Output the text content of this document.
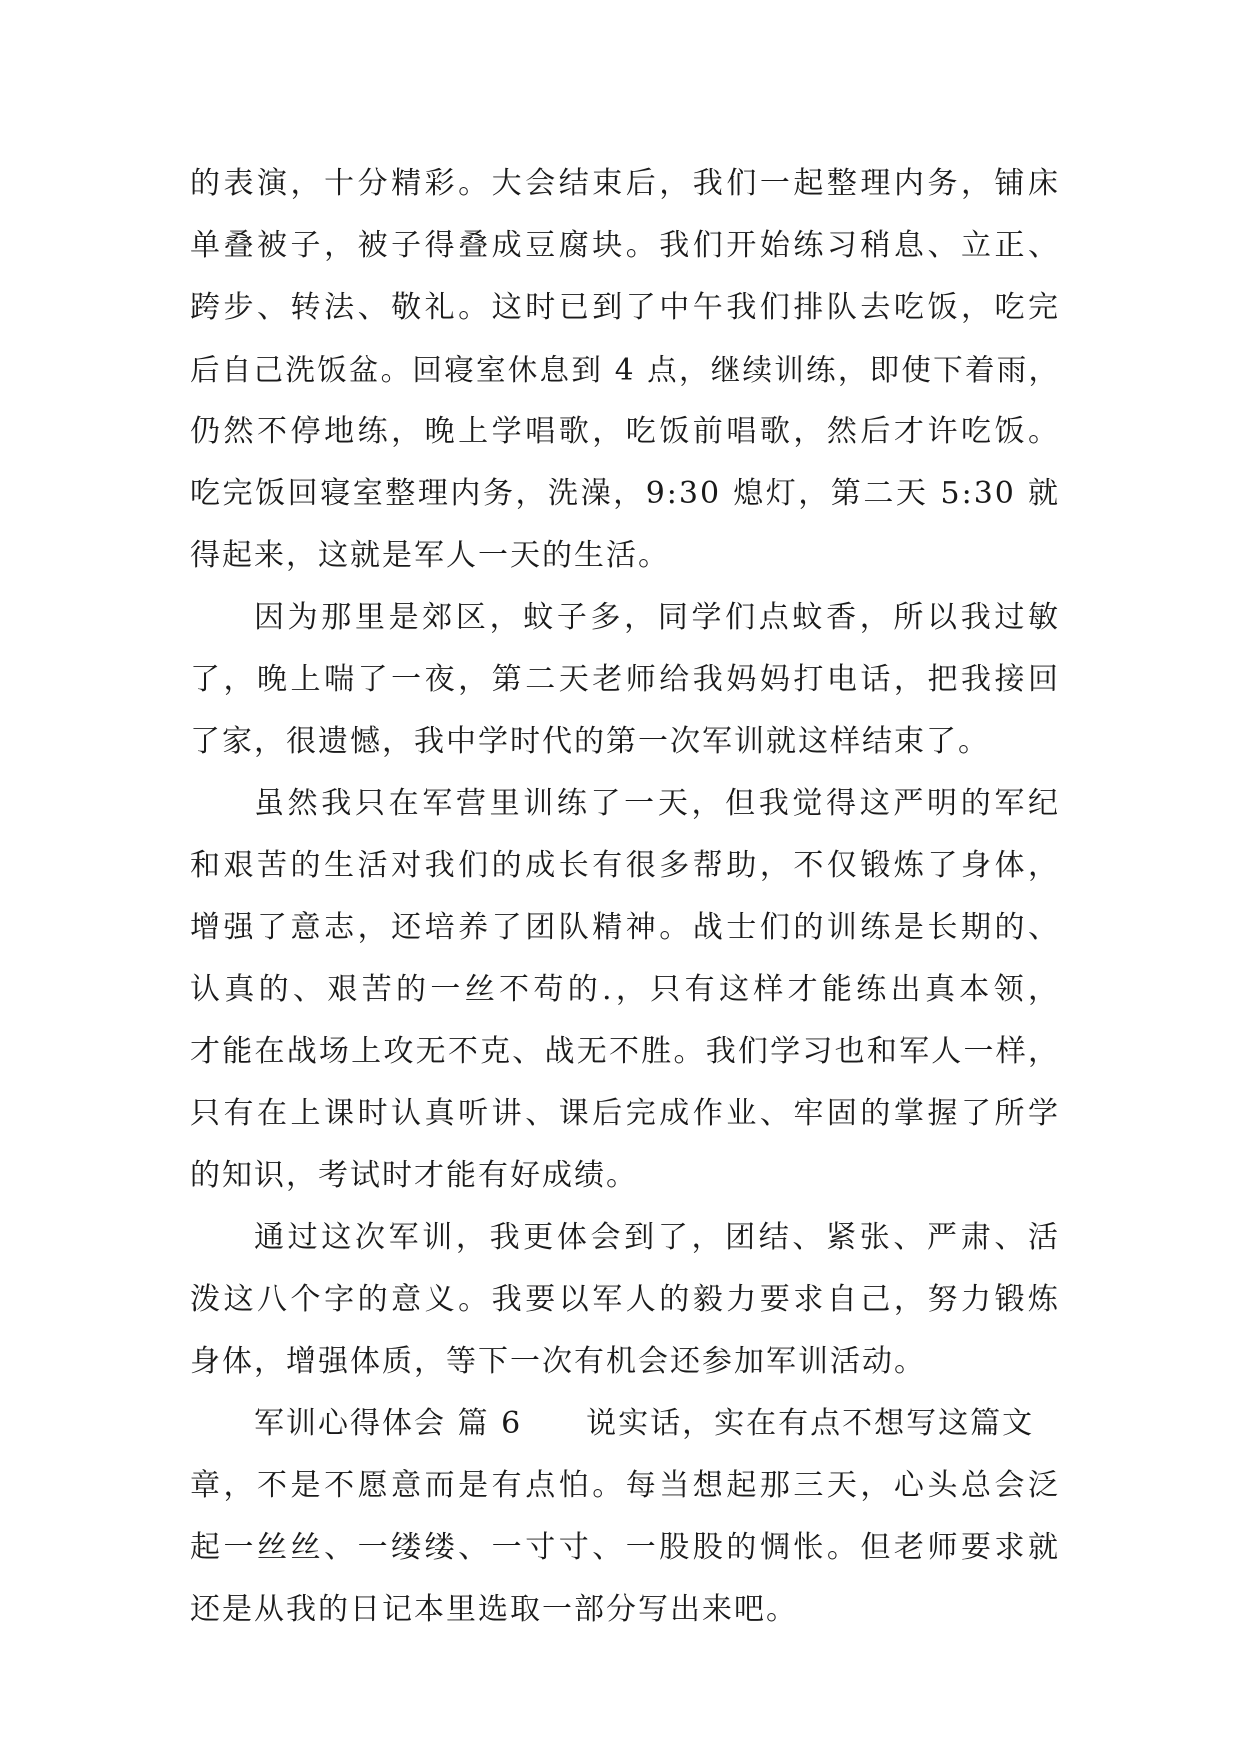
的表演，十分精彩。大会结束后，我们一起整理内务，铺床
单叠被子，被子得叠成豆腐块。我们开始练习稍息、立正、
跨步、转法、敬礼。这时已到了中午我们排队去吃饭，吃完
后自己洗饭盆。回寝室休息到 4 点，继续训练，即使下着雨，
仍然不停地练，晚上学唱歌，吃饭前唱歌，然后才许吃饭。
吃完饭回寝室整理内务，洗澡，9:30 熄灯，第二天 5:30 就
得起来，这就是军人一天的生活。
因为那里是郊区，蚊子多，同学们点蚊香，所以我过敏
了，晚上喘了一夜，第二天老师给我妈妈打电话，把我接回
了家，很遗憾，我中学时代的第一次军训就这样结束了。
虽然我只在军营里训练了一天，但我觉得这严明的军纪
和艰苦的生活对我们的成长有很多帮助，不仅锻炼了身体，
增强了意志，还培养了团队精神。战士们的训练是长期的、
认真的、艰苦的一丝不苟的.，只有这样才能练出真本领，
才能在战场上攻无不克、战无不胜。我们学习也和军人一样，
只有在上课时认真听讲、课后完成作业、牢固的掌握了所学
的知识，考试时才能有好成绩。
通过这次军训，我更体会到了，团结、紧张、严肃、活
泼这八个字的意义。我要以军人的毅力要求自己，努力锻炼
身体，增强体质，等下一次有机会还参加军训活动。
军训心得体会 篇 6 说实话，实在有点不想写这篇文
章，不是不愿意而是有点怕。每当想起那三天，心头总会泛
起一丝丝、一缕缕、一寸寸、一股股的惆怅。但老师要求就
还是从我的日记本里选取一部分写出来吧。
